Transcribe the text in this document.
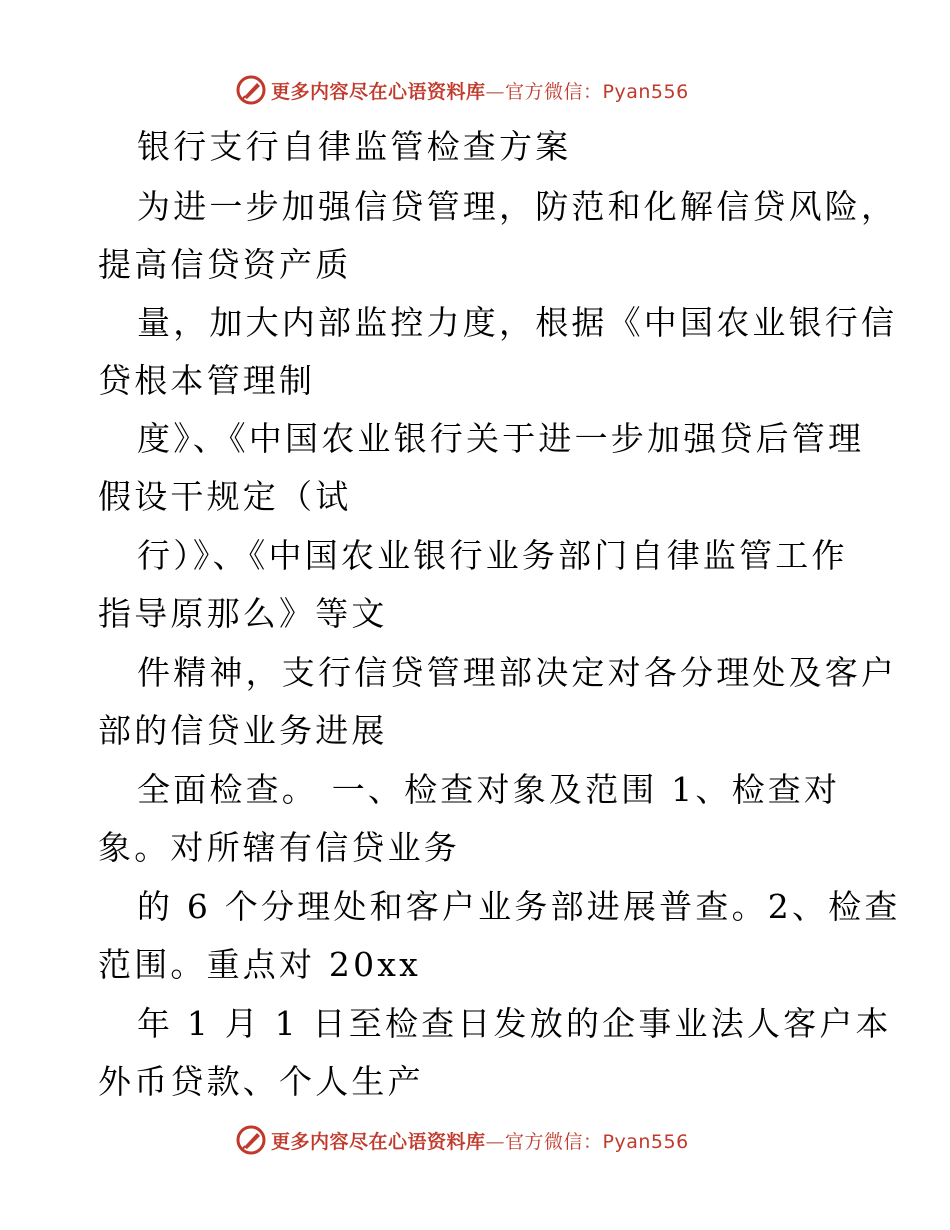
更多内容尽在心语资料库—官方微信：Pyan556
银行支行自律监管检查方案
为进一步加强信贷管理，防范和化解信贷风险，
提高信贷资产质
量，加大内部监控力度，根据《中国农业银行信
贷根本管理制
度》、《中国农业银行关于进一步加强贷后管理
假设干规定（试
行）》、《中国农业银行业务部门自律监管工作
指导原那么》等文
件精神，支行信贷管理部决定对各分理处及客户
部的信贷业务进展
全面检查。 一、检查对象及范围 1、检查对
象。对所辖有信贷业务
的 6 个分理处和客户业务部进展普查。2、检查
范围。重点对 20xx
年 1 月 1 日至检查日发放的企事业法人客户本
外币贷款、个人生产
更多内容尽在心语资料库—官方微信：Pyan556
